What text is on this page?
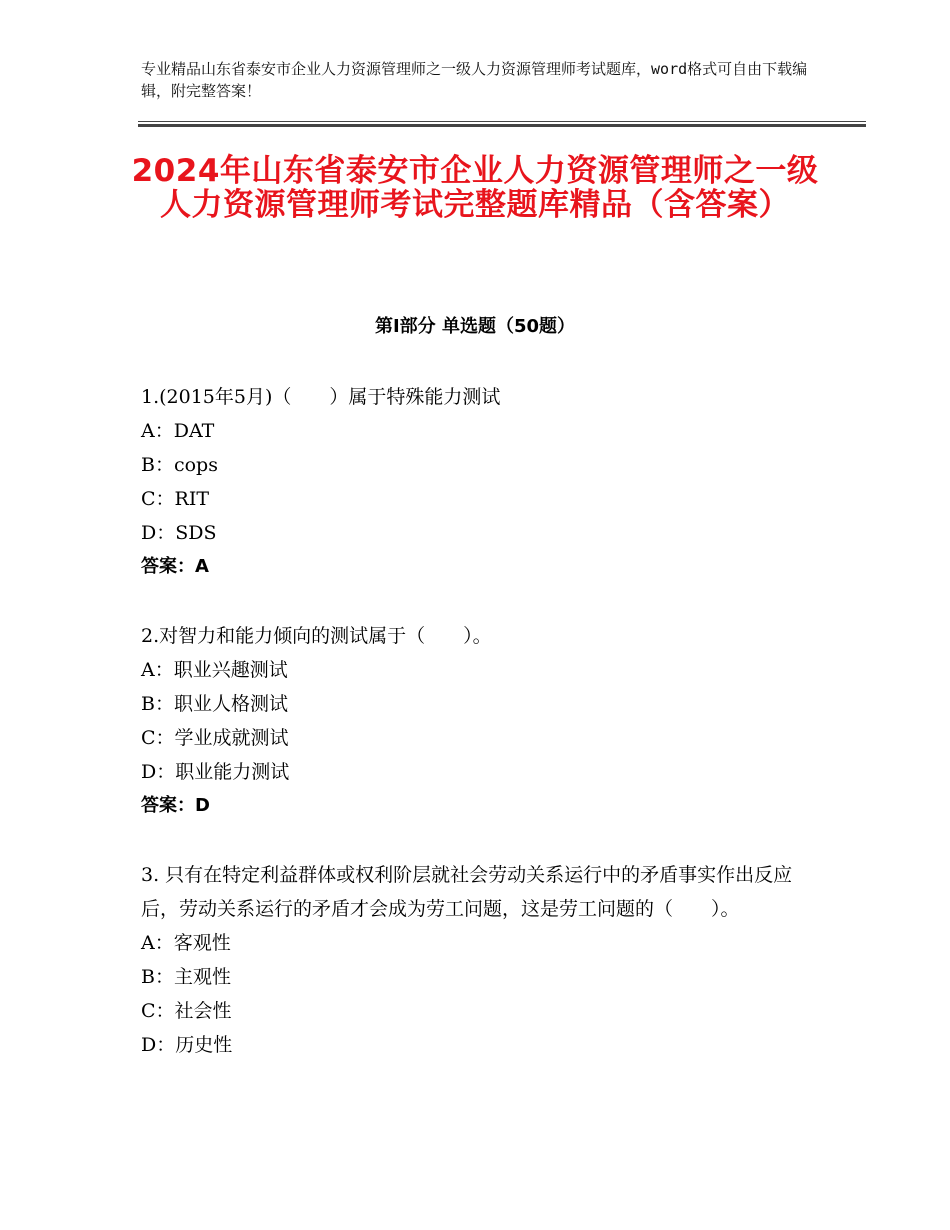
专业精品山东省泰安市企业人力资源管理师之一级人力资源管理师考试题库，word格式可自由下载编辑，附完整答案！
2024年山东省泰安市企业人力资源管理师之一级人力资源管理师考试完整题库精品（含答案）
第Ⅰ部分 单选题（50题）
1.(2015年5月)（　　）属于特殊能力测试
A：DAT
B：cops
C：RIT
D：SDS
答案：A
2.对智力和能力倾向的测试属于（　　）。
A：职业兴趣测试
B：职业人格测试
C：学业成就测试
D：职业能力测试
答案：D
3. 只有在特定利益群体或权利阶层就社会劳动关系运行中的矛盾事实作出反应后，劳动关系运行的矛盾才会成为劳工问题，这是劳工问题的（　　）。
A：客观性
B：主观性
C：社会性
D：历史性
